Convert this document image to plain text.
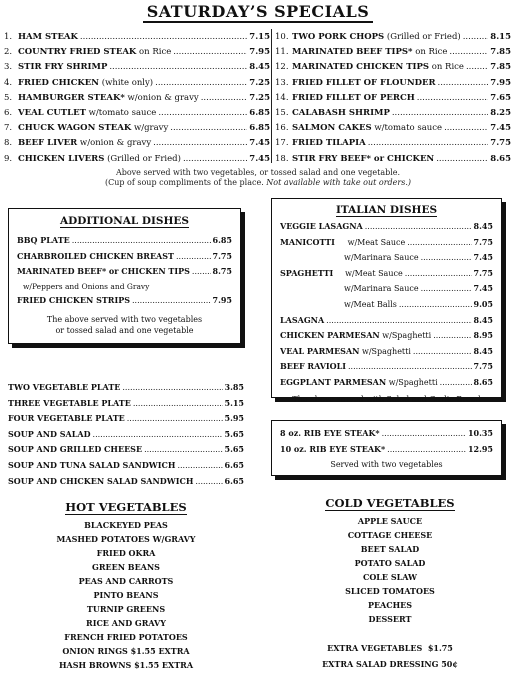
SATURDAY’S SPECIALS
1. HAM STEAK .....	7.15
2. COUNTRY FRIED STEAK on Rice .....	7.95
3. STIR FRY SHRIMP .....	8.45
4. FRIED CHICKEN (white only) .....	7.25
5. HAMBURGER STEAK* w/onion & gravy .....	7.25
6. VEAL CUTLET w/tomato sauce .....	6.85
7. CHUCK WAGON STEAK w/gravy .....	6.85
8. BEEF LIVER w/onion & gravy .....	7.45
9. CHICKEN LIVERS (Grilled or Fried) .....	7.45
10. TWO PORK CHOPS (Grilled or Fried) .....	8.15
11. MARINATED BEEF TIPS* on Rice .....	7.85
12. MARINATED CHICKEN TIPS on Rice .....	7.85
13. FRIED FILLET OF FLOUNDER .....	7.95
14. FRIED FILLET OF PERCH .....	7.65
15. CALABASH SHRIMP .....	8.25
16. SALMON CAKES w/tomato sauce .....	7.45
17. FRIED TILAPIA .....	7.75
18. STIR FRY BEEF* or CHICKEN .....	8.65
Above served with two vegetables, or tossed salad and one vegetable.
(Cup of soup compliments of the place. Not available with take out orders.)
ADDITIONAL DISHES
BBQ PLATE .....	6.85
CHARBROILED CHICKEN BREAST .....	7.75
MARINATED BEEF* or CHICKEN TIPS .....	8.75
w/Peppers and Onions and Gravy
FRIED CHICKEN STRIPS .....	7.95
The above served with two vegetables
or tossed salad and one vegetable
ITALIAN DISHES
VEGGIE LASAGNA .....	8.45
MANICOTTI w/Meat Sauce .....	7.75
w/Marinara Sauce .....	7.45
SPAGHETTI w/Meat Sauce .....	7.75
w/Marinara Sauce .....	7.45
w/Meat Balls .....	9.05
LASAGNA .....	8.45
CHICKEN PARMESAN w/Spaghetti .....	8.95
VEAL PARMESAN w/Spaghetti .....	8.45
BEEF RAVIOLI .....	7.75
EGGPLANT PARMESAN w/Spaghetti .....	8.65
The above served with Salad and Garlic Bread
TWO VEGETABLE PLATE .....	3.85
THREE VEGETABLE PLATE .....	5.15
FOUR VEGETABLE PLATE .....	5.95
SOUP AND SALAD .....	5.65
SOUP AND GRILLED CHEESE .....	5.65
SOUP AND TUNA SALAD SANDWICH .....	6.65
SOUP AND CHICKEN SALAD SANDWICH .....	6.65
8 oz. RIB EYE STEAK* .....	10.35
10 oz. RIB EYE STEAK* .....	12.95
Served with two vegetables
HOT VEGETABLES
BLACKEYED PEAS
MASHED POTATOES W/GRAVY
FRIED OKRA
GREEN BEANS
PEAS AND CARROTS
PINTO BEANS
TURNIP GREENS
RICE AND GRAVY
FRENCH FRIED POTATOES
ONION RINGS $1.55 EXTRA
HASH BROWNS $1.55 EXTRA
COLD VEGETABLES
APPLE SAUCE
COTTAGE CHEESE
BEET SALAD
POTATO SALAD
COLE SLAW
SLICED TOMATOES
PEACHES
DESSERT
EXTRA VEGETABLES  $1.75
EXTRA SALAD DRESSING 50¢
